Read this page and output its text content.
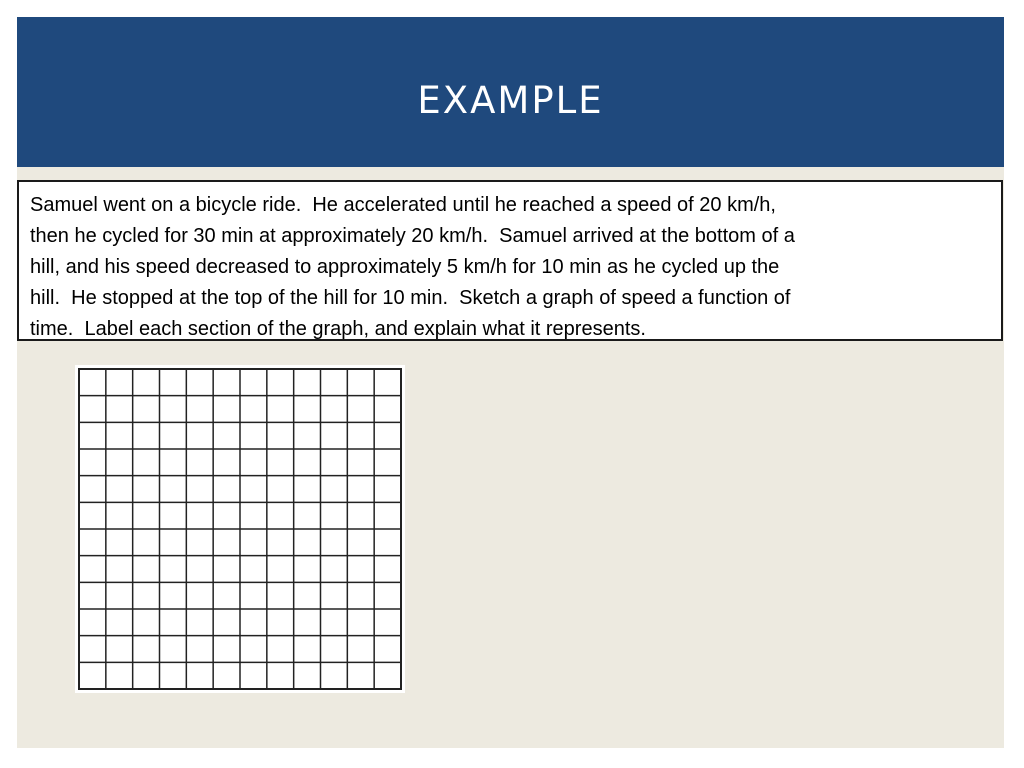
EXAMPLE

Samuel went on a bicycle ride.  He accelerated until he reached a speed of 20 km/h,
then he cycled for 30 min at approximately 20 km/h.  Samuel arrived at the bottom of a
hill, and his speed decreased to approximately 5 km/h for 10 min as he cycled up the
hill.  He stopped at the top of the hill for 10 min.  Sketch a graph of speed a function of
time.  Label each section of the graph, and explain what it represents.
